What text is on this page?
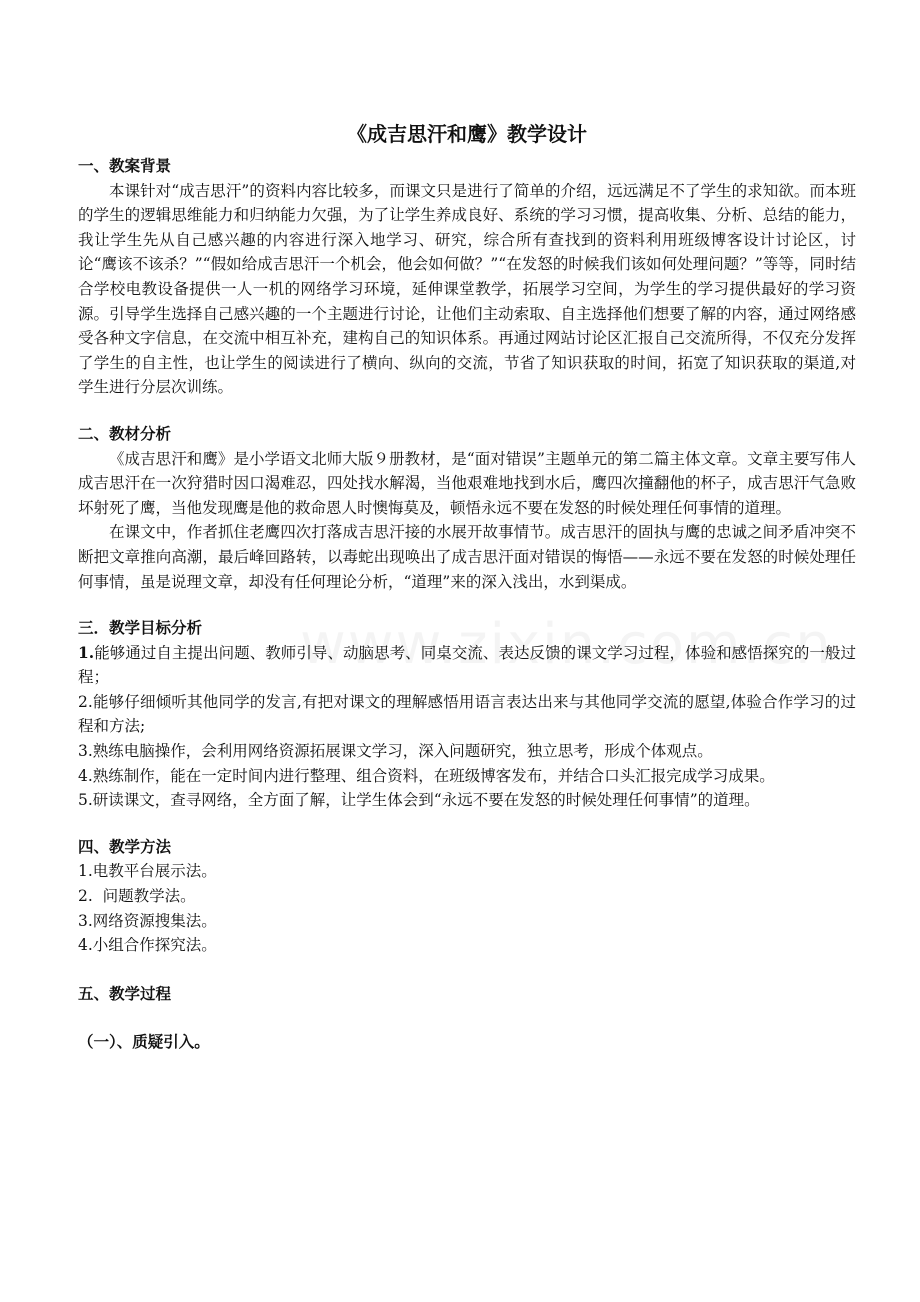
《成吉思汗和鹰》教学设计

一、教案背景

本课针对“成吉思汗”的资料内容比较多，而课文只是进行了简单的介绍，远远满足不了学生的求知欲。而本班的学生的逻辑思维能力和归纳能力欠强，为了让学生养成良好、系统的学习习惯，提高收集、分析、总结的能力，我让学生先从自己感兴趣的内容进行深入地学习、研究，综合所有查找到的资料利用班级博客设计讨论区，讨论“鹰该不该杀？”“假如给成吉思汗一个机会，他会如何做？”“在发怒的时候我们该如何处理问题？”等等，同时结合学校电教设备提供一人一机的网络学习环境，延伸课堂教学，拓展学习空间，为学生的学习提供最好的学习资源。引导学生选择自己感兴趣的一个主题进行讨论，让他们主动索取、自主选择他们想要了解的内容，通过网络感受各种文字信息，在交流中相互补充，建构自己的知识体系。再通过网站讨论区汇报自己交流所得，不仅充分发挥了学生的自主性，也让学生的阅读进行了横向、纵向的交流，节省了知识获取的时间，拓宽了知识获取的渠道,对学生进行分层次训练。

二、教材分析

《成吉思汗和鹰》是小学语文北师大版９册教材，是“面对错误”主题单元的第二篇主体文章。文章主要写伟人成吉思汗在一次狩猎时因口渴难忍，四处找水解渴，当他艰难地找到水后，鹰四次撞翻他的杯子，成吉思汗气急败坏射死了鹰，当他发现鹰是他的救命恩人时懊悔莫及，顿悟永远不要在发怒的时候处理任何事情的道理。

在课文中，作者抓住老鹰四次打落成吉思汗接的水展开故事情节。成吉思汗的固执与鹰的忠诚之间矛盾冲突不断把文章推向高潮，最后峰回路转，以毒蛇出现唤出了成吉思汗面对错误的悔悟——永远不要在发怒的时候处理任何事情，虽是说理文章，却没有任何理论分析，“道理”来的深入浅出，水到渠成。

三．教学目标分析

1.能够通过自主提出问题、教师引导、动脑思考、同桌交流、表达反馈的课文学习过程，体验和感悟探究的一般过程；

2.能够仔细倾听其他同学的发言,有把对课文的理解感悟用语言表达出来与其他同学交流的愿望,体验合作学习的过程和方法;

3.熟练电脑操作，会利用网络资源拓展课文学习，深入问题研究，独立思考，形成个体观点。

4.熟练制作，能在一定时间内进行整理、组合资料，在班级博客发布，并结合口头汇报完成学习成果。

5.研读课文，查寻网络，全方面了解，让学生体会到“永远不要在发怒的时候处理任何事情”的道理。

四、教学方法

1.电教平台展示法。

2.  问题教学法。

3.网络资源搜集法。

4.小组合作探究法。

五、教学过程

（一）、质疑引入。
